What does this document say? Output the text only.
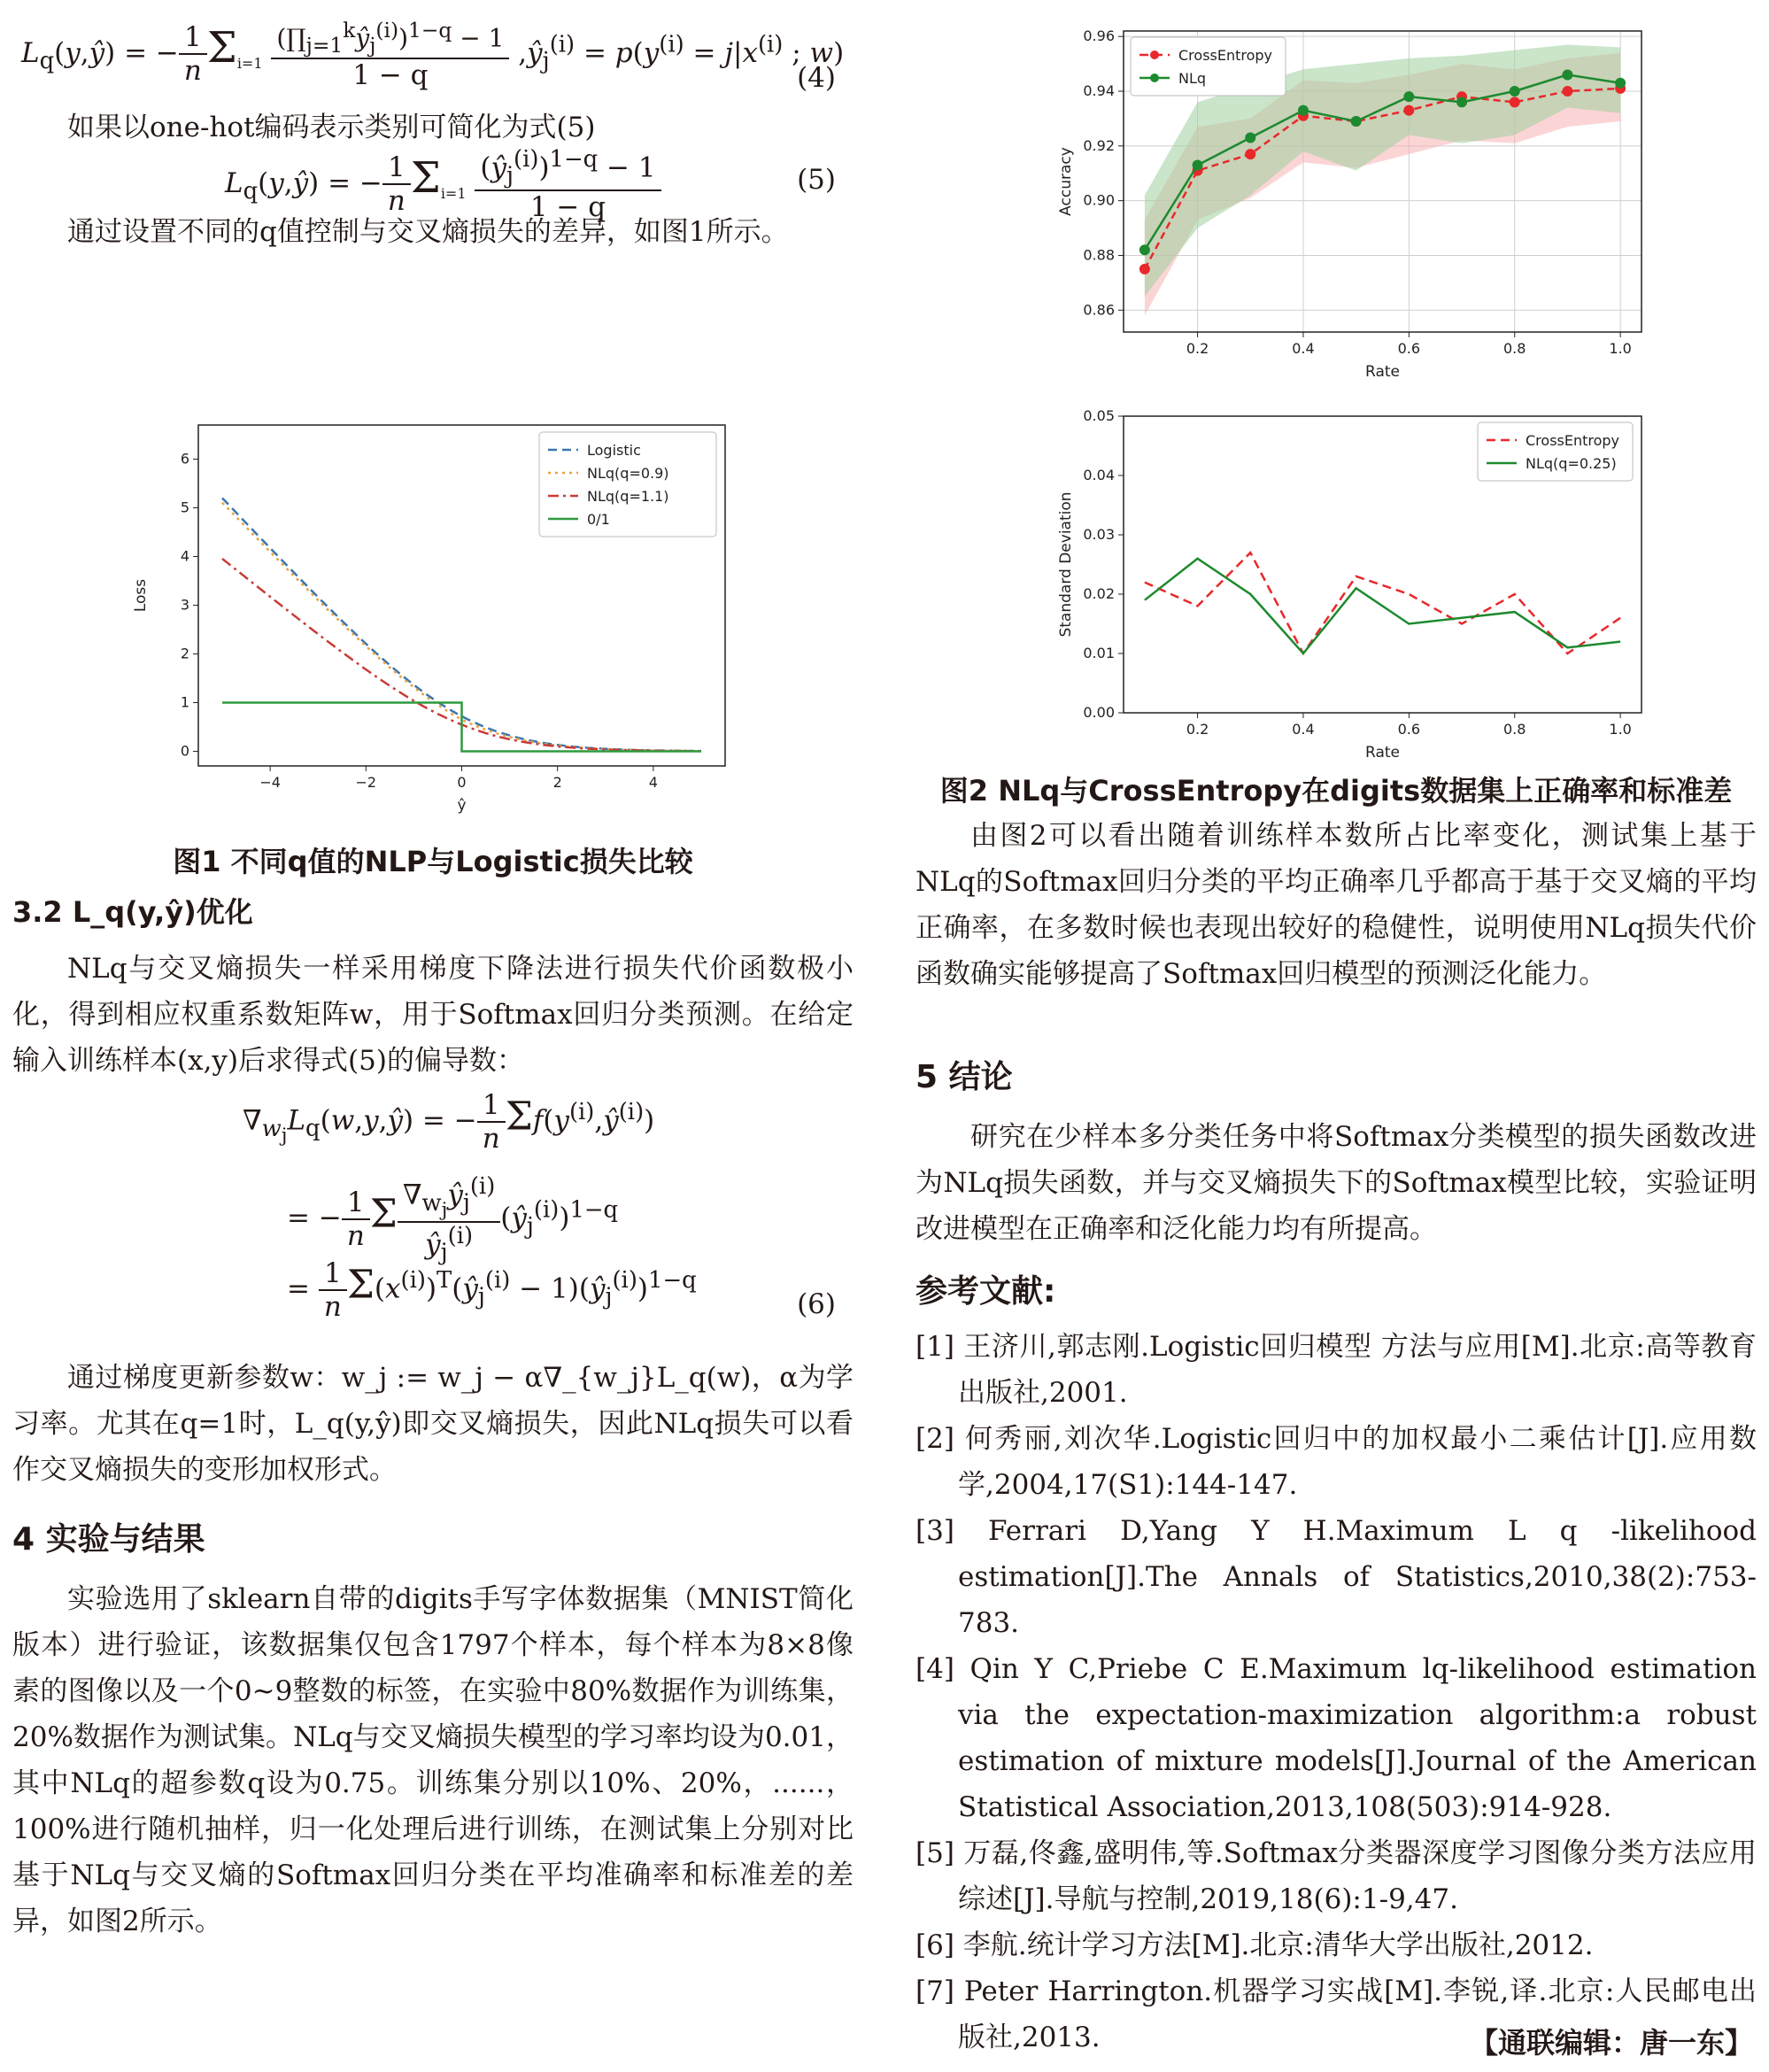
$L_q(y,ŷ)$ = − $\frac{1}{n} \Sigma_{i=1} \frac{(\prod_{j=1}^kŷ_j^{(i)})^{1-q} - 1}{1 - q}$ $,ŷ_j^{(i)} = p(y^{(i)} = j|x^{(i)}$ ; w)
(4)

如果以one-hot编码表示类别可简化为式(5)

$L_q(y,ŷ)$ = − $\frac{1}{n} \Sigma_{i=1} \frac{(ŷ_j^{(i)})^{1-q} - 1}{1 - q}$	(5)

通过设置不同的q值控制与交叉熵损失的差异，如图1所示。

−4	−2	0	2	4
0
1
2
3
4
5
6
ŷ
Loss
Logistic
NLq(q=0.9)
NLq(q=1.1)
0/1
图1 不同q值的NLP与Logistic损失比较
3.2 L_q(y,ŷ)优化

NLq与交叉熵损失一样采用梯度下降法进行损失代价函数极小化，得到相应权重系数矩阵w，用于Softmax回归分类预测。在给定输入训练样本(x,y)后求得式(5)的偏导数：

$\nabla_{w_j}L_q(w,y,ŷ)$ = − $\frac{1}{n}$ $\Sigma f(y^{(i)},ŷ^{(i)})$
= − $\frac{1}{n}$ Σ $\frac{\nabla_{w_j}ŷ_j^{(i)}}{ŷ_j^{(i)}}$ $(ŷ_j^{(i)})^{1-q}$
= $\frac{1}{n}$ $\Sigma(x^{(i)})^T(ŷ_j^{(i)}$ − $1)(ŷ_j^{(i)})^{1-q}$
(6)

通过梯度更新参数w：w_j := w_j − α∇_{w_j}L_q(w)，α为学习率。尤其在q=1时，L_q(y,ŷ)即交叉熵损失，因此NLq损失可以看作交叉熵损失的变形加权形式。

4 实验与结果

实验选用了sklearn自带的digits手写字体数据集（MNIST简化版本）进行验证，该数据集仅包含1797个样本，每个样本为8×8像素的图像以及一个0~9整数的标签，在实验中80%数据作为训练集，20%数据作为测试集。NLq与交叉熵损失模型的学习率均设为0.01，其中NLq的超参数q设为0.75。训练集分别以10%、20%，......，100%进行随机抽样，归一化处理后进行训练，在测试集上分别对比基于NLq与交叉熵的Softmax回归分类在平均准确率和标准差的差异，如图2所示。

0.2	0.4	0.6	0.8	1.0
0.86
0.88
0.90
0.92
0.94
0.96
Rate
Accuracy
CrossEntropy
NLq
0.2	0.4	0.6	0.8	1.0
0.00
0.01
0.02
0.03
0.04
0.05
Rate
Standard Deviation
CrossEntropy
NLq(q=0.25)
图2 NLq与CrossEntropy在digits数据集上正确率和标准差

由图2可以看出随着训练样本数所占比率变化，测试集上基于NLq的Softmax回归分类的平均正确率几乎都高于基于交叉熵的平均正确率，在多数时候也表现出较好的稳健性，说明使用NLq损失代价函数确实能够提高了Softmax回归模型的预测泛化能力。

5 结论

研究在少样本多分类任务中将Softmax分类模型的损失函数改进为NLq损失函数，并与交叉熵损失下的Softmax模型比较，实验证明改进模型在正确率和泛化能力均有所提高。

参考文献:

[1] 王济川,郭志刚.Logistic回归模型 方法与应用[M].北京:高等教育出版社,2001.

[2] 何秀丽,刘次华.Logistic回归中的加权最小二乘估计[J].应用数学,2004,17(S1):144-147.

[3] Ferrari D,Yang Y H.Maximum L q -likelihood estimation[J].The Annals of Statistics,2010,38(2):753-783.

[4] Qin Y C,Priebe C E.Maximum lq-likelihood estimation via the expectation-maximization algorithm:a robust estimation of mixture models[J].Journal of the American Statistical Association,2013,108(503):914-928.

[5] 万磊,佟鑫,盛明伟,等.Softmax分类器深度学习图像分类方法应用综述[J].导航与控制,2019,18(6):1-9,47.

[6] 李航.统计学习方法[M].北京:清华大学出版社,2012.

[7] Peter Harrington.机器学习实战[M].李锐,译.北京:人民邮电出版社,2013.	【通联编辑：唐一东】
